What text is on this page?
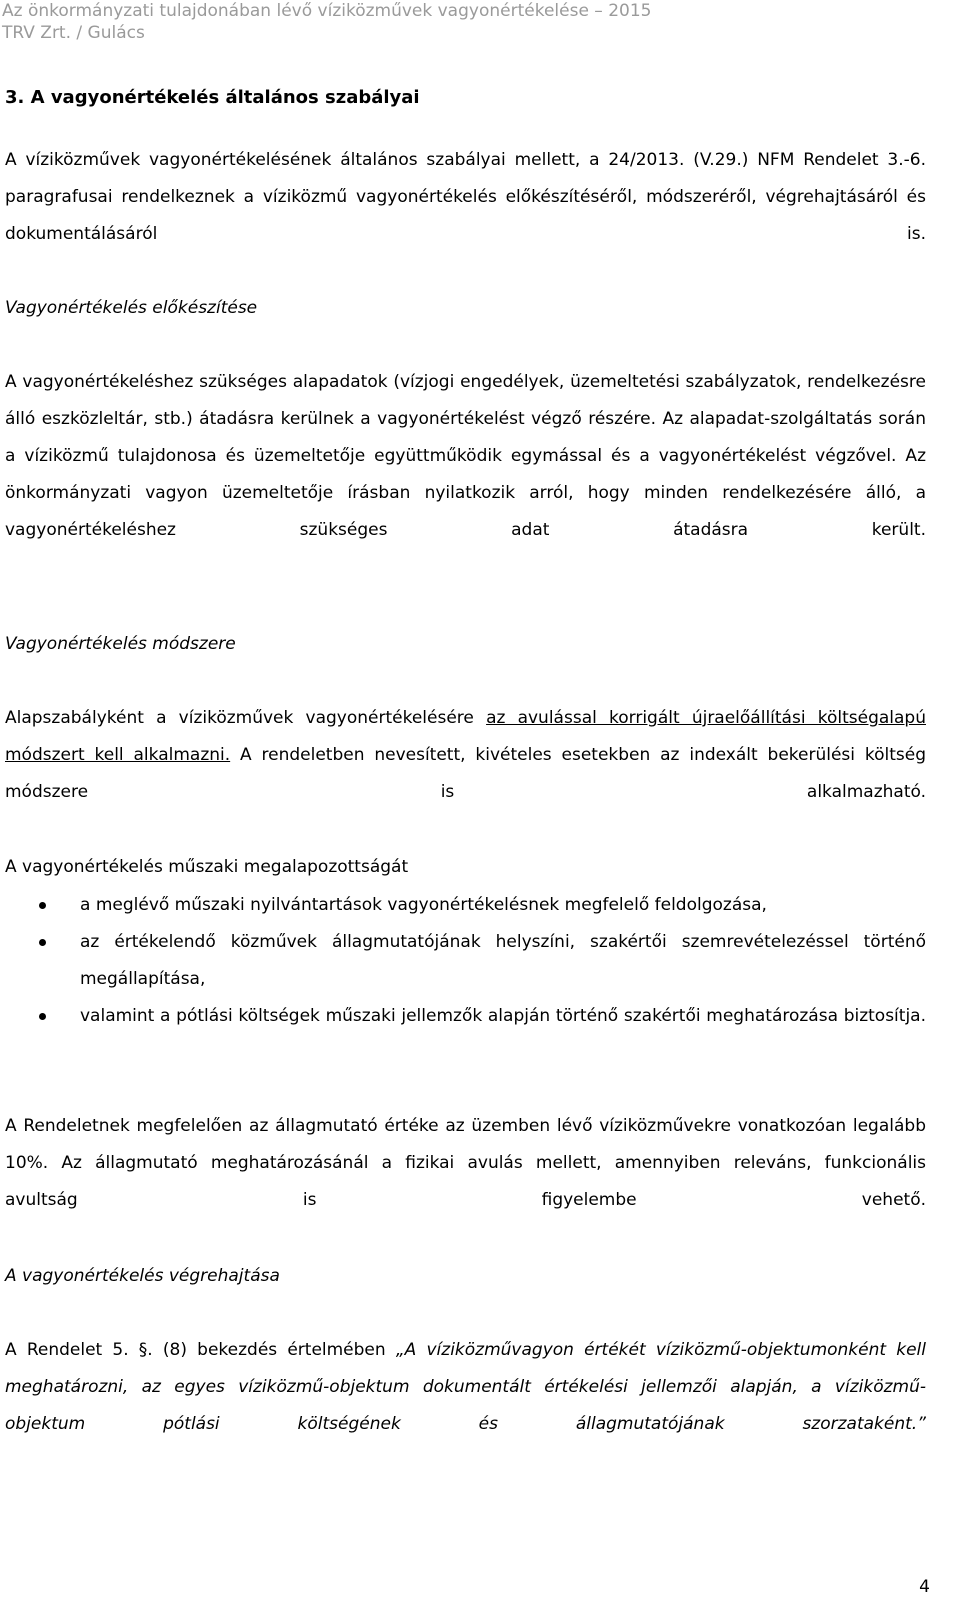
Az önkormányzati tulajdonában lévő víziközművek vagyonértékelése – 2015
TRV Zrt. / Gulács
3. A vagyonértékelés általános szabályai
A víziközművek vagyonértékelésének általános szabályai mellett, a 24/2013. (V.29.) NFM Rendelet 3.-6. paragrafusai rendelkeznek a víziközmű vagyonértékelés előkészítéséről, módszeréről, végrehajtásáról és dokumentálásáról is.
Vagyonértékelés előkészítése
A vagyonértékeléshez szükséges alapadatok (vízjogi engedélyek, üzemeltetési szabályzatok, rendelkezésre álló eszközleltár, stb.) átadásra kerülnek a vagyonértékelést végző részére. Az alapadat-szolgáltatás során a víziközmű tulajdonosa és üzemeltetője együttműködik egymással és a vagyonértékelést végzővel. Az önkormányzati vagyon üzemeltetője írásban nyilatkozik arról, hogy minden rendelkezésére álló, a vagyonértékeléshez szükséges adat átadásra került.
Vagyonértékelés módszere
Alapszabályként a víziközművek vagyonértékelésére az avulással korrigált újraelőállítási költségalapú módszert kell alkalmazni. A rendeletben nevesített, kivételes esetekben az indexált bekerülési költség módszere is alkalmazható.
A vagyonértékelés műszaki megalapozottságát
a meglévő műszaki nyilvántartások vagyonértékelésnek megfelelő feldolgozása,
az értékelendő közművek állagmutatójának helyszíni, szakértői szemrevételezéssel történő megállapítása,
valamint a pótlási költségek műszaki jellemzők alapján történő szakértői meghatározása biztosítja.
A Rendeletnek megfelelően az állagmutató értéke az üzemben lévő víziközművekre vonatkozóan legalább 10%. Az állagmutató meghatározásánál a fizikai avulás mellett, amennyiben releváns, funkcionális avultság is figyelembe vehető.
A vagyonértékelés végrehajtása
A Rendelet 5. §. (8) bekezdés értelmében „A víziközművagyon értékét víziközmű-objektumonként kell meghatározni, az egyes víziközmű-objektum dokumentált értékelési jellemzői alapján, a víziközmű-objektum pótlási költségének és állagmutatójának szorzataként.”
4
